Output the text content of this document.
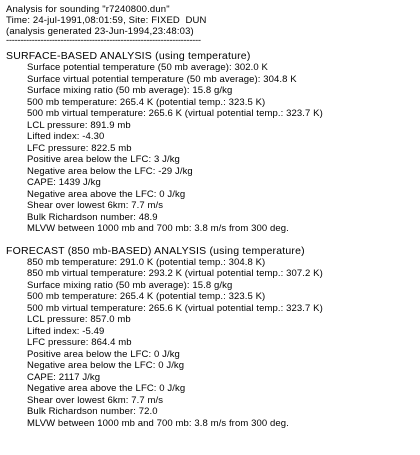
Analysis for sounding "r7240800.dun"
Time: 24-jul-1991,08:01:59, Site: FIXED  DUN
(analysis generated 23-Jun-1994,23:48:03)
--------------------------------------------------------------------
SURFACE-BASED ANALYSIS (using temperature)
Surface potential temperature (50 mb average): 302.0 K
Surface virtual potential temperature (50 mb average): 304.8 K
Surface mixing ratio (50 mb average): 15.8 g/kg
500 mb temperature: 265.4 K (potential temp.: 323.5 K)
500 mb virtual temperature: 265.6 K (virtual potential temp.: 323.7 K)
LCL pressure: 891.9 mb
Lifted index: -4.30
LFC pressure: 822.5 mb
Positive area below the LFC: 3 J/kg
Negative area below the LFC: -29 J/kg
CAPE: 1439 J/kg
Negative area above the LFC: 0 J/kg
Shear over lowest 6km: 7.7 m/s
Bulk Richardson number: 48.9
MLVW between 1000 mb and 700 mb: 3.8 m/s from 300 deg.
FORECAST (850 mb-BASED) ANALYSIS (using temperature)
850 mb temperature: 291.0 K (potential temp.: 304.8 K)
850 mb virtual temperature: 293.2 K (virtual potential temp.: 307.2 K)
Surface mixing ratio (50 mb average): 15.8 g/kg
500 mb temperature: 265.4 K (potential temp.: 323.5 K)
500 mb virtual temperature: 265.6 K (virtual potential temp.: 323.7 K)
LCL pressure: 857.0 mb
Lifted index: -5.49
LFC pressure: 864.4 mb
Positive area below the LFC: 0 J/kg
Negative area below the LFC: 0 J/kg
CAPE: 2117 J/kg
Negative area above the LFC: 0 J/kg
Shear over lowest 6km: 7.7 m/s
Bulk Richardson number: 72.0
MLVW between 1000 mb and 700 mb: 3.8 m/s from 300 deg.
